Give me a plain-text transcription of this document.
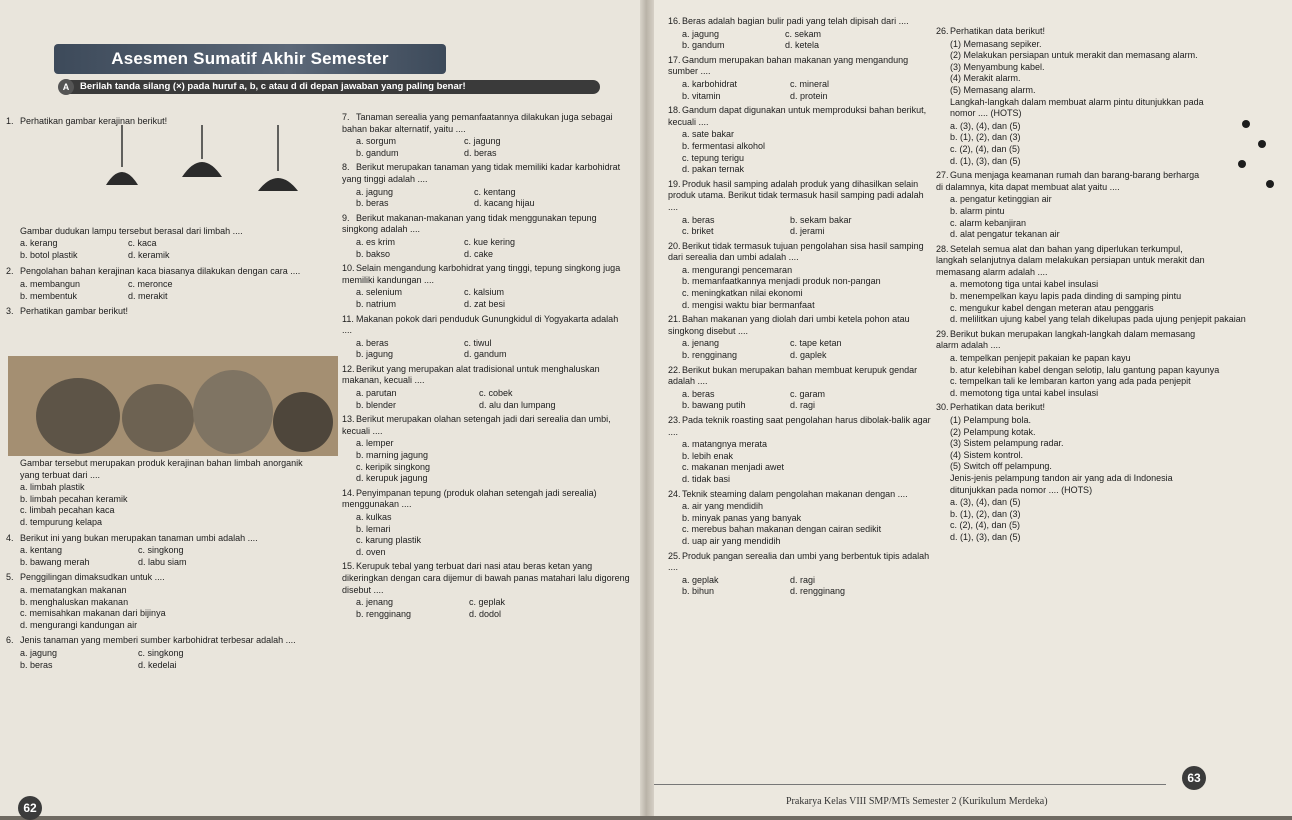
Asesmen Sumatif Akhir Semester
A	Berilah tanda silang (×) pada huruf a, b, c atau d di depan jawaban yang paling benar!

1. Perhatikan gambar kerajinan berikut!

Gambar dudukan lampu tersebut berasal dari limbah ....

a. kerang	c. kaca
b. botol plastik	d. keramik

2. Pengolahan bahan kerajinan kaca biasanya dilakukan dengan cara ....

a. membangun	c. meronce
b. membentuk	d. merakit

3. Perhatikan gambar berikut!

Gambar tersebut merupakan produk kerajinan bahan limbah anorganik yang terbuat dari ....

a. limbah plastik
b. limbah pecahan keramik
c. limbah pecahan kaca
d. tempurung kelapa

4. Berikut ini yang bukan merupakan tanaman umbi adalah ....

a. kentang	c. singkong
b. bawang merah	d. labu siam

5. Penggilingan dimaksudkan untuk ....

a. mematangkan makanan
b. menghaluskan makanan
c. memisahkan makanan dari bijinya
d. mengurangi kandungan air

6. Jenis tanaman yang memberi sumber karbohidrat terbesar adalah ....

a. jagung	c. singkong
b. beras	d. kedelai

7. Tanaman serealia yang pemanfaatannya dilakukan juga sebagai bahan bakar alternatif, yaitu ....

a. sorgum	c. jagung
b. gandum	d. beras

8. Berikut merupakan tanaman yang tidak memiliki kadar karbohidrat yang tinggi adalah ....

a. jagung	c. kentang
b. beras	d. kacang hijau

9. Berikut makanan-makanan yang tidak menggunakan tepung singkong adalah ....

a. es krim	c. kue kering
b. bakso	d. cake

10.Selain mengandung karbohidrat yang tinggi, tepung singkong juga memiliki kandungan ....

a. selenium	c. kalsium
b. natrium	d. zat besi

11. Makanan pokok dari penduduk Gunungkidul di Yogyakarta adalah ....

a. beras	c. tiwul
b. jagung	d. gandum

12.Berikut yang merupakan alat tradisional untuk menghaluskan makanan, kecuali ....

a. parutan	c. cobek
b. blender	d. alu dan lumpang

13.Berikut merupakan olahan setengah jadi dari serealia dan umbi, kecuali ....

a. lemper
b. marning jagung
c. keripik singkong
d. kerupuk jagung

14.Penyimpanan tepung (produk olahan setengah jadi serealia) menggunakan ....

a. kulkas
b. lemari
c. karung plastik
d. oven

15.Kerupuk tebal yang terbuat dari nasi atau beras ketan yang dikeringkan dengan cara dijemur di bawah panas matahari lalu digoreng disebut ....

a. jenang	c. geplak
b. rengginang	d. dodol
62

16.Beras adalah bagian bulir padi yang telah dipisah dari ....

a. jagung	c. sekam
b. gandum	d. ketela

17.Gandum merupakan bahan makanan yang mengandung sumber ....

a. karbohidrat	c. mineral
b. vitamin	d. protein

18.Gandum dapat digunakan untuk memproduksi bahan berikut, kecuali ....

a. sate bakar
b. fermentasi alkohol
c. tepung terigu
d. pakan ternak

19.Produk hasil samping adalah produk yang dihasilkan selain produk utama. Berikut tidak termasuk hasil samping padi adalah ....

a. beras	b. sekam bakar
c. briket	d. jerami

20.Berikut tidak termasuk tujuan pengolahan sisa hasil samping dari serealia dan umbi adalah ....

a. mengurangi pencemaran
b. memanfaatkannya menjadi produk non-pangan
c. meningkatkan nilai ekonomi
d. mengisi waktu biar bermanfaat

21.Bahan makanan yang diolah dari umbi ketela pohon atau singkong disebut ....

a. jenang	c. tape ketan
b. rengginang	d. gaplek

22.Berikut bukan merupakan bahan membuat kerupuk gendar adalah ....

a. beras	c. garam
b. bawang putih	d. ragi

23.Pada teknik roasting saat pengolahan harus dibolak-balik agar ....

a. matangnya merata
b. lebih enak
c. makanan menjadi awet
d. tidak basi

24.Teknik steaming dalam pengolahan makanan dengan ....

a. air yang mendidih
b. minyak panas yang banyak
c. merebus bahan makanan dengan cairan sedikit
d. uap air yang mendidih

25.Produk pangan serealia dan umbi yang berbentuk tipis adalah ....

a. geplak	d. ragi
b. bihun	d. rengginang

26.Perhatikan data berikut!

(1) Memasang sepiker.
(2) Melakukan persiapan untuk merakit dan memasang alarm.
(3) Menyambung kabel.
(4) Merakit alarm.
(5) Memasang alarm.

Langkah-langkah dalam membuat alarm pintu ditunjukkan pada nomor .... (HOTS)

a. (3), (4), dan (5)
b. (1), (2), dan (3)
c. (2), (4), dan (5)
d. (1), (3), dan (5)

27.Guna menjaga keamanan rumah dan barang-barang berharga di dalamnya, kita dapat membuat alat yaitu ....

a. pengatur ketinggian air
b. alarm pintu
c. alarm kebanjiran
d. alat pengatur tekanan air

28.Setelah semua alat dan bahan yang diperlukan terkumpul, langkah selanjutnya dalam melakukan persiapan untuk merakit dan memasang alarm adalah ....

a. memotong tiga untai kabel insulasi
b. menempelkan kayu lapis pada dinding di samping pintu
c. mengukur kabel dengan meteran atau penggaris
d. melilitkan ujung kabel yang telah dikelupas pada ujung penjepit pakaian

29.Berikut bukan merupakan langkah-langkah dalam memasang alarm adalah ....

a. tempelkan penjepit pakaian ke papan kayu
b. atur kelebihan kabel dengan selotip, lalu gantung papan kayunya
c. tempelkan tali ke lembaran karton yang ada pada penjepit
d. memotong tiga untai kabel insulasi

30.Perhatikan data berikut!

(1) Pelampung bola.
(2) Pelampung kotak.
(3) Sistem pelampung radar.
(4) Sistem kontrol.
(5) Switch off pelampung.

Jenis-jenis pelampung tandon air yang ada di Indonesia ditunjukkan pada nomor .... (HOTS)

a. (3), (4), dan (5)
b. (1), (2), dan (3)
c. (2), (4), dan (5)
d. (1), (3), dan (5)
Prakarya Kelas VIII SMP/MTs Semester 2 (Kurikulum Merdeka)
63
